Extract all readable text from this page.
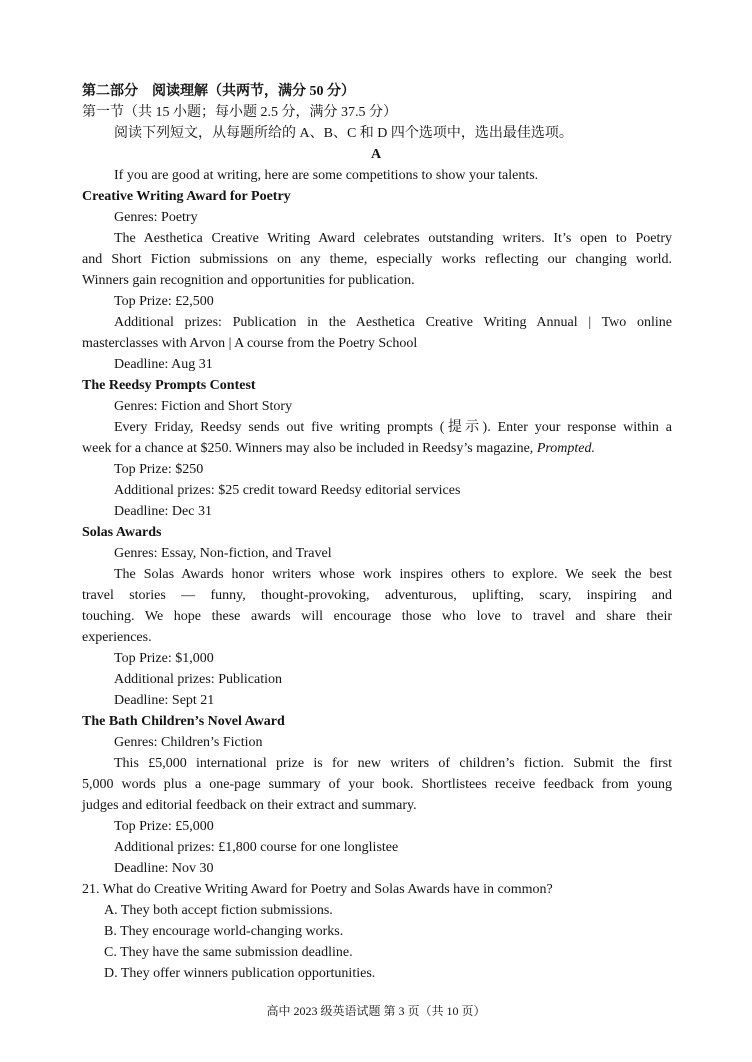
第二部分　阅读理解（共两节，满分 50 分）
第一节（共 15 小题；每小题 2.5 分，满分 37.5 分）
阅读下列短文，从每题所给的 A、B、C 和 D 四个选项中，选出最佳选项。
A
If you are good at writing, here are some competitions to show your talents.
Creative Writing Award for Poetry
Genres: Poetry
The Aesthetica Creative Writing Award celebrates outstanding writers. It’s open to Poetry
and Short Fiction submissions on any theme, especially works reflecting our changing world.
Winners gain recognition and opportunities for publication.
Top Prize: £2,500
Additional prizes: Publication in the Aesthetica Creative Writing Annual | Two online
masterclasses with Arvon | A course from the Poetry School
Deadline: Aug 31
The Reedsy Prompts Contest
Genres: Fiction and Short Story
Every Friday, Reedsy sends out five writing prompts (提示). Enter your response within a
week for a chance at $250. Winners may also be included in Reedsy’s magazine, Prompted.
Top Prize: $250
Additional prizes: $25 credit toward Reedsy editorial services
Deadline: Dec 31
Solas Awards
Genres: Essay, Non-fiction, and Travel
The Solas Awards honor writers whose work inspires others to explore. We seek the best
travel stories — funny, thought-provoking, adventurous, uplifting, scary, inspiring and
touching. We hope these awards will encourage those who love to travel and share their
experiences.
Top Prize: $1,000
Additional prizes: Publication
Deadline: Sept 21
The Bath Children’s Novel Award
Genres: Children’s Fiction
This £5,000 international prize is for new writers of children’s fiction. Submit the first
5,000 words plus a one-page summary of your book. Shortlistees receive feedback from young
judges and editorial feedback on their extract and summary.
Top Prize: £5,000
Additional prizes: £1,800 course for one longlistee
Deadline: Nov 30
21. What do Creative Writing Award for Poetry and Solas Awards have in common?
A. They both accept fiction submissions.
B. They encourage world-changing works.
C. They have the same submission deadline.
D. They offer winners publication opportunities.
高中 2023 级英语试题 第 3 页（共 10 页）
